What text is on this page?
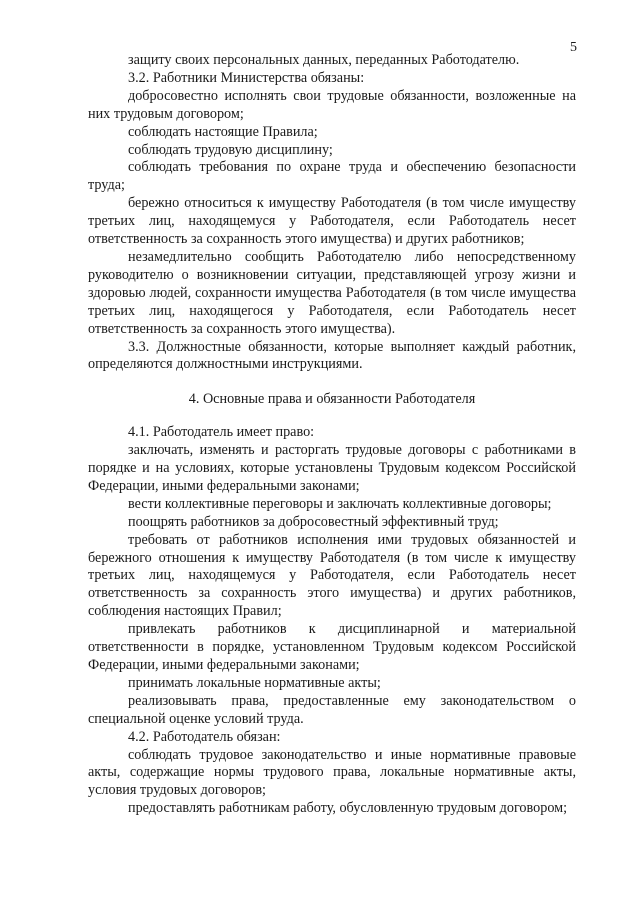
5

защиту своих персональных данных, переданных Работодателю.

3.2. Работники Министерства обязаны:

добросовестно исполнять свои трудовые обязанности, возложенные на них трудовым договором;

соблюдать настоящие Правила;

соблюдать трудовую дисциплину;

соблюдать требования по охране труда и обеспечению безопасности труда;

бережно относиться к имуществу Работодателя (в том числе имуществу третьих лиц, находящемуся у Работодателя, если Работодатель несет ответственность за сохранность этого имущества) и других работников;

незамедлительно сообщить Работодателю либо непосредственному руководителю о возникновении ситуации, представляющей угрозу жизни и здоровью людей, сохранности имущества Работодателя (в том числе имущества третьих лиц, находящегося у Работодателя, если Работодатель несет ответственность за сохранность этого имущества).

3.3. Должностные обязанности, которые выполняет каждый работник, определяются должностными инструкциями.

4. Основные права и обязанности Работодателя

4.1. Работодатель имеет право:

заключать, изменять и расторгать трудовые договоры с работниками в порядке и на условиях, которые установлены Трудовым кодексом Российской Федерации, иными федеральными законами;

вести коллективные переговоры и заключать коллективные договоры;

поощрять работников за добросовестный эффективный труд;

требовать от работников исполнения ими трудовых обязанностей и бережного отношения к имуществу Работодателя (в том числе к имуществу третьих лиц, находящемуся у Работодателя, если Работодатель несет ответственность за сохранность этого имущества) и других работников, соблюдения настоящих Правил;

привлекать работников к дисциплинарной и материальной ответственности в порядке, установленном Трудовым кодексом Российской Федерации, иными федеральными законами;

принимать локальные нормативные акты;

реализовывать права, предоставленные ему законодательством о специальной оценке условий труда.

4.2. Работодатель обязан:

соблюдать трудовое законодательство и иные нормативные правовые акты, содержащие нормы трудового права, локальные нормативные акты, условия трудовых договоров;

предоставлять работникам работу, обусловленную трудовым договором;
